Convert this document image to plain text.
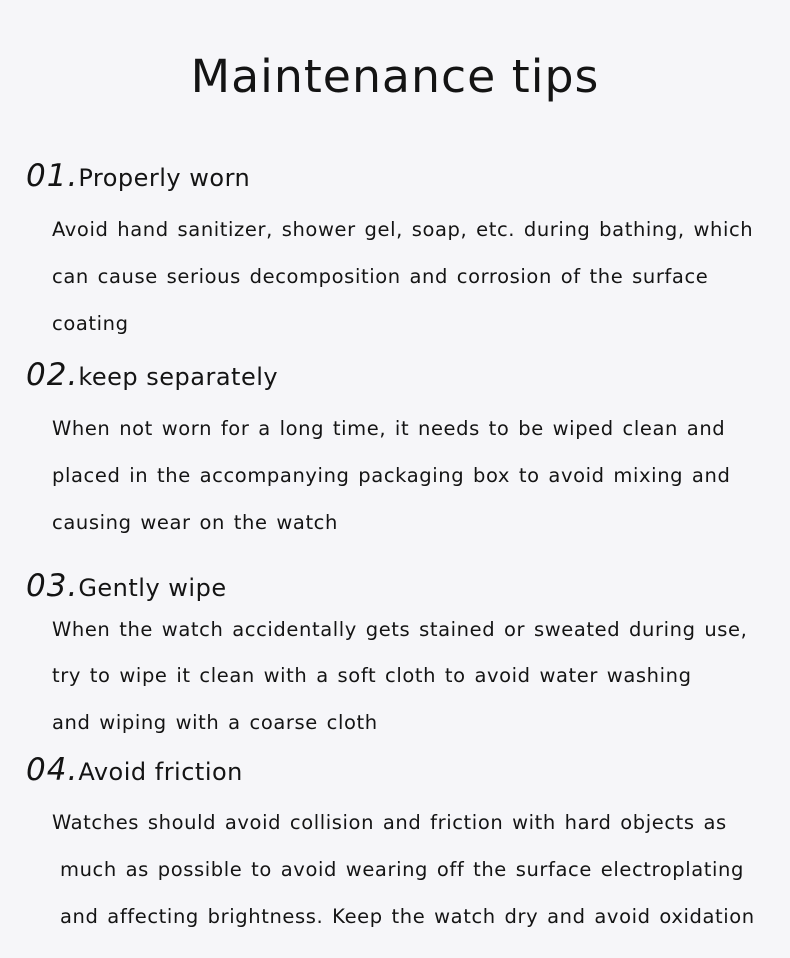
Maintenance tips
01.Properly worn
Avoid hand sanitizer, shower gel, soap, etc. during bathing, which
can cause serious decomposition and corrosion of the surface
coating
02.keep separately
When not worn for a long time, it needs to be wiped clean and
placed in the accompanying packaging box to avoid mixing and
causing wear on the watch
03.Gently wipe
When the watch accidentally gets stained or sweated during use,
try to wipe it clean with a soft cloth to avoid water washing
and wiping with a coarse cloth
04.Avoid friction
Watches should avoid collision and friction with hard objects as
much as possible to avoid wearing off the surface electroplating
and affecting brightness. Keep the watch dry and avoid oxidation
